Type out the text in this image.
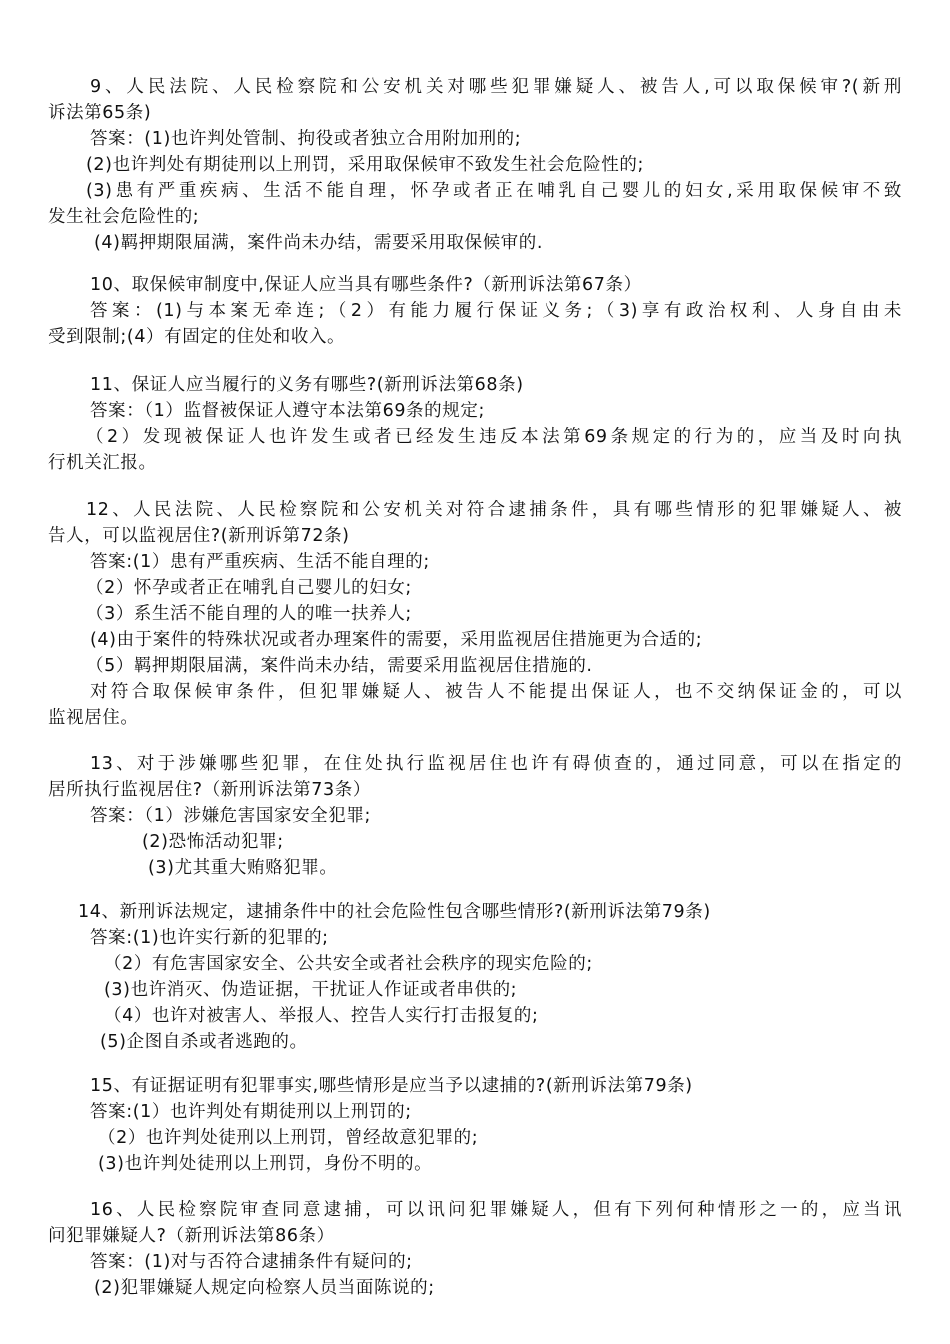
9、人民法院、人民检察院和公安机关对哪些犯罪嫌疑人、被告人,可以取保候审?(新刑
诉法第65条)
答案：(1)也许判处管制、拘役或者独立合用附加刑的;
(2)也许判处有期徒刑以上刑罚，采用取保候审不致发生社会危险性的;
(3)患有严重疾病、生活不能自理，怀孕或者正在哺乳自己婴儿的妇女,采用取保候审不致
发生社会危险性的;
(4)羁押期限届满，案件尚未办结，需要采用取保候审的.
10、取保候审制度中,保证人应当具有哪些条件?（新刑诉法第67条）
答案：(1)与本案无牵连;（2）有能力履行保证义务;（3)享有政治权利、人身自由未
受到限制;(4）有固定的住处和收入。
11、保证人应当履行的义务有哪些?(新刑诉法第68条)
答案：（1）监督被保证人遵守本法第69条的规定;
（2）发现被保证人也许发生或者已经发生违反本法第69条规定的行为的，应当及时向执
行机关汇报。
12、人民法院、人民检察院和公安机关对符合逮捕条件，具有哪些情形的犯罪嫌疑人、被
告人，可以监视居住?(新刑诉第72条)
答案:(1）患有严重疾病、生活不能自理的;
（2）怀孕或者正在哺乳自己婴儿的妇女;
（3）系生活不能自理的人的唯一扶养人;
(4)由于案件的特殊状况或者办理案件的需要，采用监视居住措施更为合适的;
（5）羁押期限届满，案件尚未办结，需要采用监视居住措施的.
对符合取保候审条件，但犯罪嫌疑人、被告人不能提出保证人，也不交纳保证金的，可以
监视居住。
13、对于涉嫌哪些犯罪，在住处执行监视居住也许有碍侦查的，通过同意，可以在指定的
居所执行监视居住?（新刑诉法第73条）
答案：（1）涉嫌危害国家安全犯罪;
(2)恐怖活动犯罪;
(3)尤其重大贿赂犯罪。
14、新刑诉法规定，逮捕条件中的社会危险性包含哪些情形?(新刑诉法第79条)
答案:(1)也许实行新的犯罪的;
（2）有危害国家安全、公共安全或者社会秩序的现实危险的;
(3)也许消灭、伪造证据，干扰证人作证或者串供的;
（4）也许对被害人、举报人、控告人实行打击报复的;
(5)企图自杀或者逃跑的。
15、有证据证明有犯罪事实,哪些情形是应当予以逮捕的?(新刑诉法第79条)
答案:(1）也许判处有期徒刑以上刑罚的;
（2）也许判处徒刑以上刑罚，曾经故意犯罪的;
(3)也许判处徒刑以上刑罚，身份不明的。
16、人民检察院审查同意逮捕，可以讯问犯罪嫌疑人，但有下列何种情形之一的，应当讯
问犯罪嫌疑人?（新刑诉法第86条）
答案：(1)对与否符合逮捕条件有疑问的;
(2)犯罪嫌疑人规定向检察人员当面陈说的;
